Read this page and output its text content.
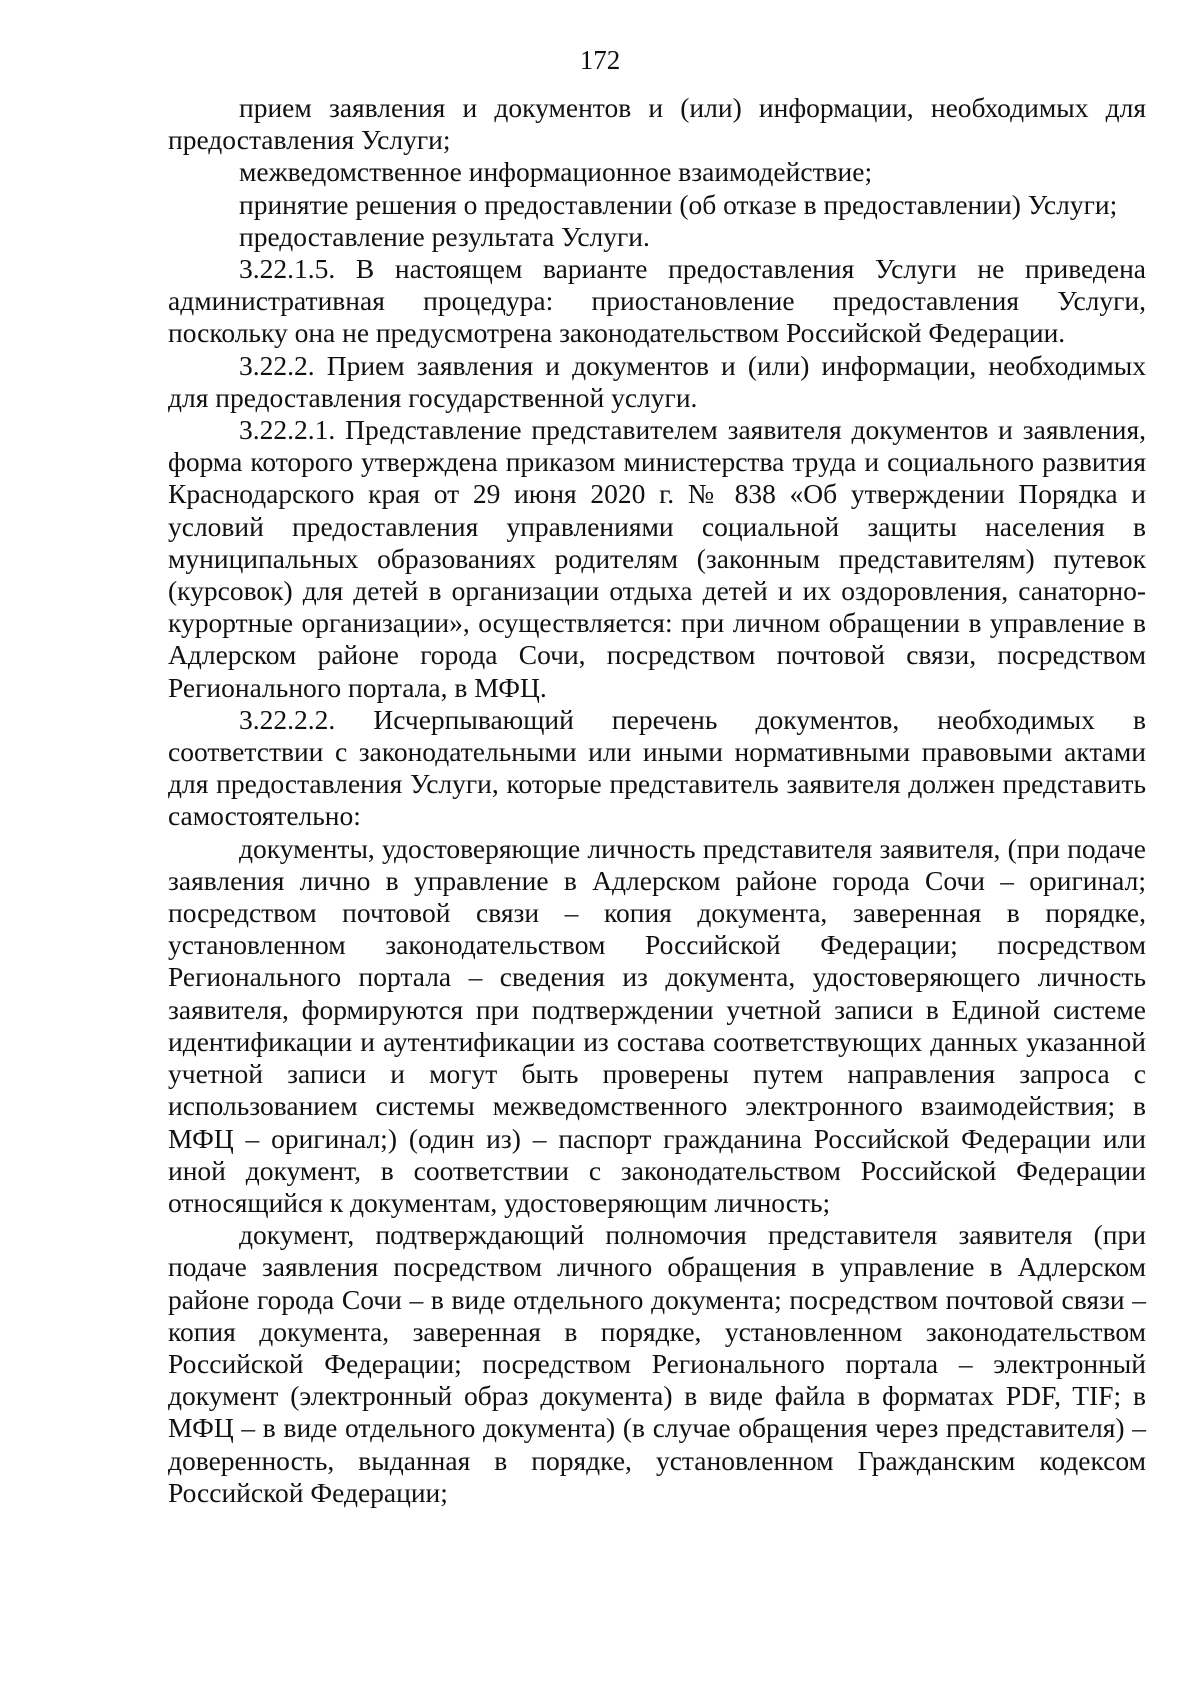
172

прием заявления и документов и (или) информации, необходимых для предоставления Услуги;

межведомственное информационное взаимодействие;

принятие решения о предоставлении (об отказе в предоставлении) Услуги;

предоставление результата Услуги.

3.22.1.5. В настоящем варианте предоставления Услуги не приведена административная процедура: приостановление предоставления Услуги, поскольку она не предусмотрена законодательством Российской Федерации.

3.22.2. Прием заявления и документов и (или) информации, необходимых для предоставления государственной услуги.

3.22.2.1. Представление представителем заявителя документов и заявления, форма которого утверждена приказом министерства труда и социального развития Краснодарского края от 29 июня 2020 г. № 838 «Об утверждении Порядка и условий предоставления управлениями социальной защиты населения в муниципальных образованиях родителям (законным представителям) путевок (курсовок) для детей в организации отдыха детей и их оздоровления, санаторно-курортные организации», осуществляется: при личном обращении в управление в Адлерском районе города Сочи, посредством почтовой связи, посредством Регионального портала, в МФЦ.

3.22.2.2. Исчерпывающий перечень документов, необходимых в соответствии с законодательными или иными нормативными правовыми актами для предоставления Услуги, которые представитель заявителя должен представить самостоятельно:

документы, удостоверяющие личность представителя заявителя, (при подаче заявления лично в управление в Адлерском районе города Сочи – оригинал; посредством почтовой связи – копия документа, заверенная в порядке, установленном законодательством Российской Федерации; посредством Регионального портала – сведения из документа, удостоверяющего личность заявителя, формируются при подтверждении учетной записи в Единой системе идентификации и аутентификации из состава соответствующих данных указанной учетной записи и могут быть проверены путем направления запроса с использованием системы межведомственного электронного взаимодействия; в МФЦ – оригинал;) (один из) – паспорт гражданина Российской Федерации или иной документ, в соответствии с законодательством Российской Федерации относящийся к документам, удостоверяющим личность;

документ, подтверждающий полномочия представителя заявителя (при подаче заявления посредством личного обращения в управление в Адлерском районе города Сочи – в виде отдельного документа; посредством почтовой связи – копия документа, заверенная в порядке, установленном законодательством Российской Федерации; посредством Регионального портала – электронный документ (электронный образ документа) в виде файла в форматах PDF, TIF; в МФЦ – в виде отдельного документа) (в случае обращения через представителя) – доверенность, выданная в порядке, установленном Гражданским кодексом Российской Федерации;
